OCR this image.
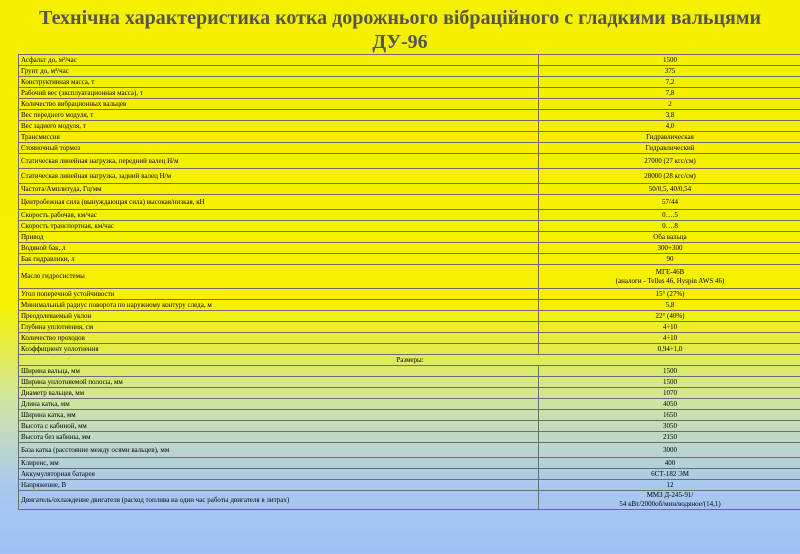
Технічна характеристика котка дорожнього вібраційного с гладкими вальцями
ДУ-96
Асфальт до, м²/час	1500
Грунт до, м³/час	375
Конструктивная масса, т	7,2
Рабочий вес (эксплуатационная масса), т	7,8
Количество вибрационных вальцев	2
Вес переднего модуля, т	3,8
Вес заднего модуля, т	4,0
Трансмиссия	Гидравлическая
Стояночный тормоз	Гидравлический
Статическая линейная нагрузка, передний валец Н/м	27000 (27 кгс/см)
Статическая линейная нагрузка, задний валец Н/м	28000 (28 кгс/см)
Частота/Амплитуда, Гц/мм	50/0,5, 40/0,54
Центробежная сила (вынуждающая сила) высокая/низкая, кН	57/44
Скорость рабочая, км/час	0….5
Скорость транспортная, км/час	0….8
Привод	Оба вальца
Водяной бак, л	300+300
Бак гидравлики, л	90
Масло гидросистемы	МГЕ-46В
(аналоги - Tellus 46, Hyspin AWS 46)

Угол поперечной устойчивости	15° (27%)
Минимальный радиус поворота по наружному контуру следа, м	5,8
Преодолеваемый уклон	22° (40%)
Глубина уплотнения, см	4÷10
Количество проходов	4÷10
Коэффициент уплотнения	0,94÷1,0
Размеры:	
Ширина вальца, мм	1500
Ширина уплотняемой полосы, мм	1500
Диаметр вальцев, мм	1070
Длина катка, мм	4050
Ширина катка, мм	1650
Высота с кабиной, мм	3050
Высота без кабины, мм	2150
База катка (расстояние между осями вальцев), мм	3000
Клиренс, мм	400
Аккумуляторная батарея	6СТ-182 ЭМ
Напряжение, В	12
Двигатель/охлаждение двигателя (расход топлива на один час работы двигателя в литрах)	ММЗ Д-245-91/
54 кВт/2000об/мин/водяное/(14,1)
